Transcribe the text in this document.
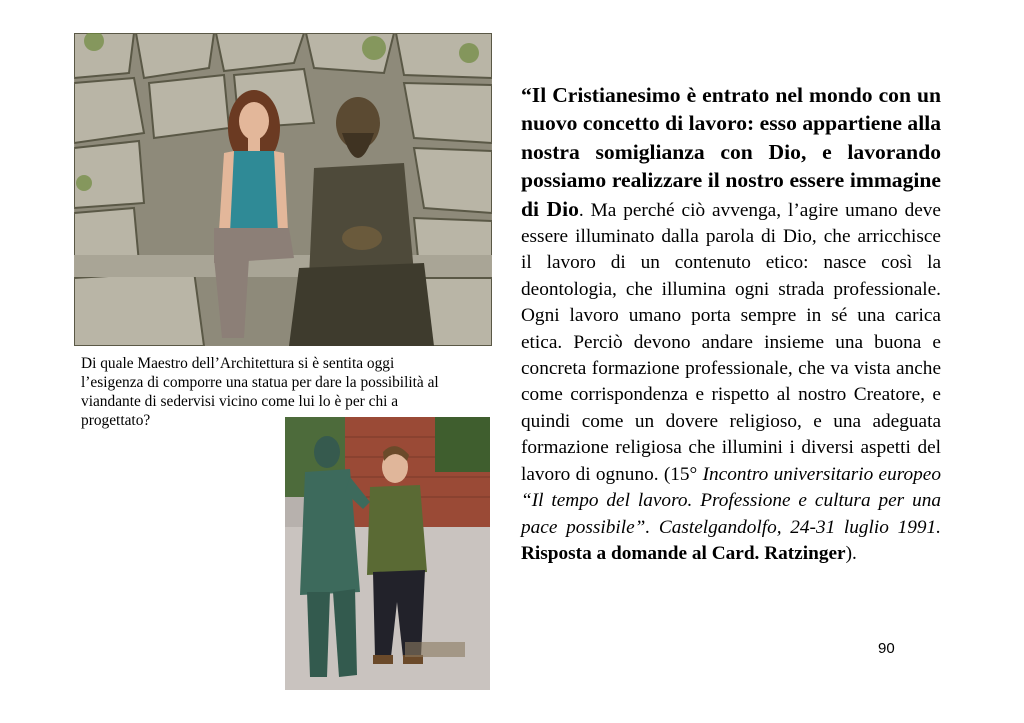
Di quale Maestro dell’Architettura si è sentita oggi l’esigenza di comporre una statua per dare la possibilità al viandante di sedervisi vicino come lui lo è per chi a progettato?
“Il Cristianesimo è entrato nel mondo con un nuovo concetto di lavoro: esso appartiene alla nostra somiglianza con Dio, e lavorando possiamo realizzare il nostro essere immagine di Dio. Ma perché ciò avvenga, l’agire umano deve essere illuminato dalla parola di Dio, che arricchisce il lavoro di un contenuto etico: nasce così la deontologia, che illumina ogni strada professionale. Ogni lavoro umano porta sempre in sé una carica etica. Perciò devono andare insieme una buona e concreta formazione professionale, che va vista anche come corrispondenza e rispetto al nostro Creatore, e quindi come un dovere religioso, e una adeguata formazione religiosa che illumini i diversi aspetti del lavoro di ognuno. (15° Incontro universitario europeo “Il tempo del lavoro. Professione e cultura per una pace possibile”. Castelgandolfo, 24-31 luglio 1991. Risposta a domande al Card. Ratzinger).
90
